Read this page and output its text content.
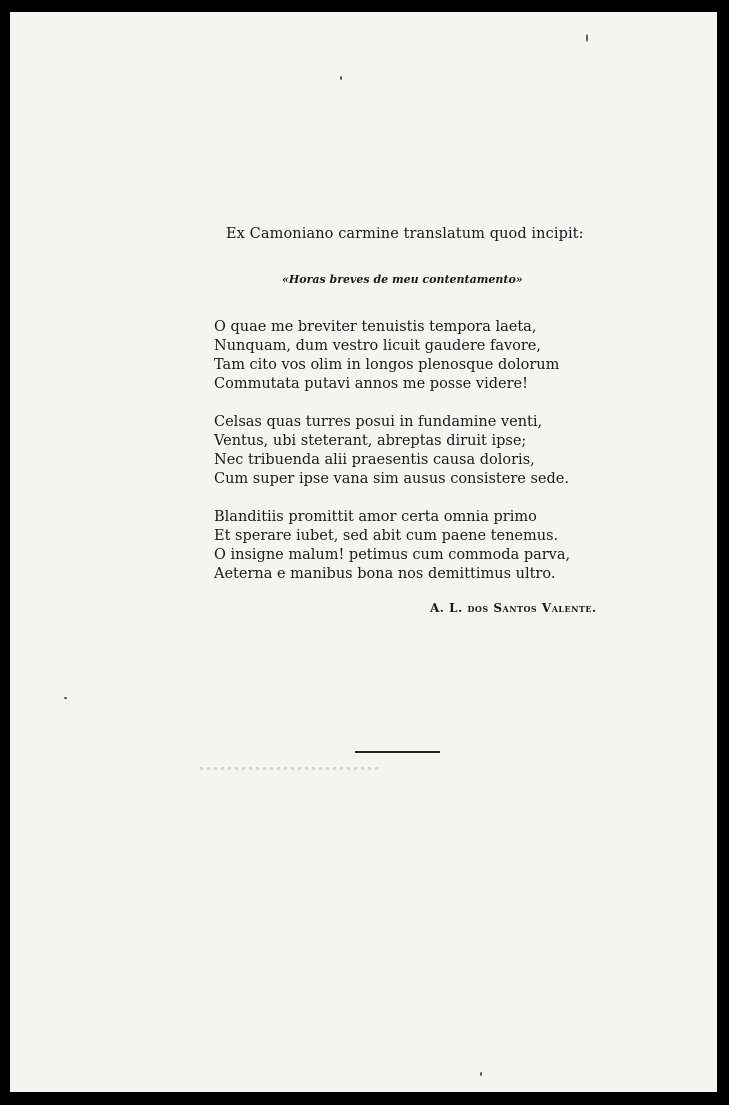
Ex Camoniano carmine translatum quod incipit:
«Horas breves de meu contentamento»
O quae me breviter tenuistis tempora laeta,
Nunquam, dum vestro licuit gaudere favore,
Tam cito vos olim in longos plenosque dolorum
Commutata putavi annos me posse videre!
Celsas quas turres posui in fundamine venti,
Ventus, ubi steterant, abreptas diruit ipse;
Nec tribuenda alii praesentis causa doloris,
Cum super ipse vana sim ausus consistere sede.
Blanditiis promittit amor certa omnia primo
Et sperare iubet, sed abit cum paene tenemus.
O insigne malum! petimus cum commoda parva,
Aeterna e manibus bona nos demittimus ultro.
A. L. dos Santos Valente.
